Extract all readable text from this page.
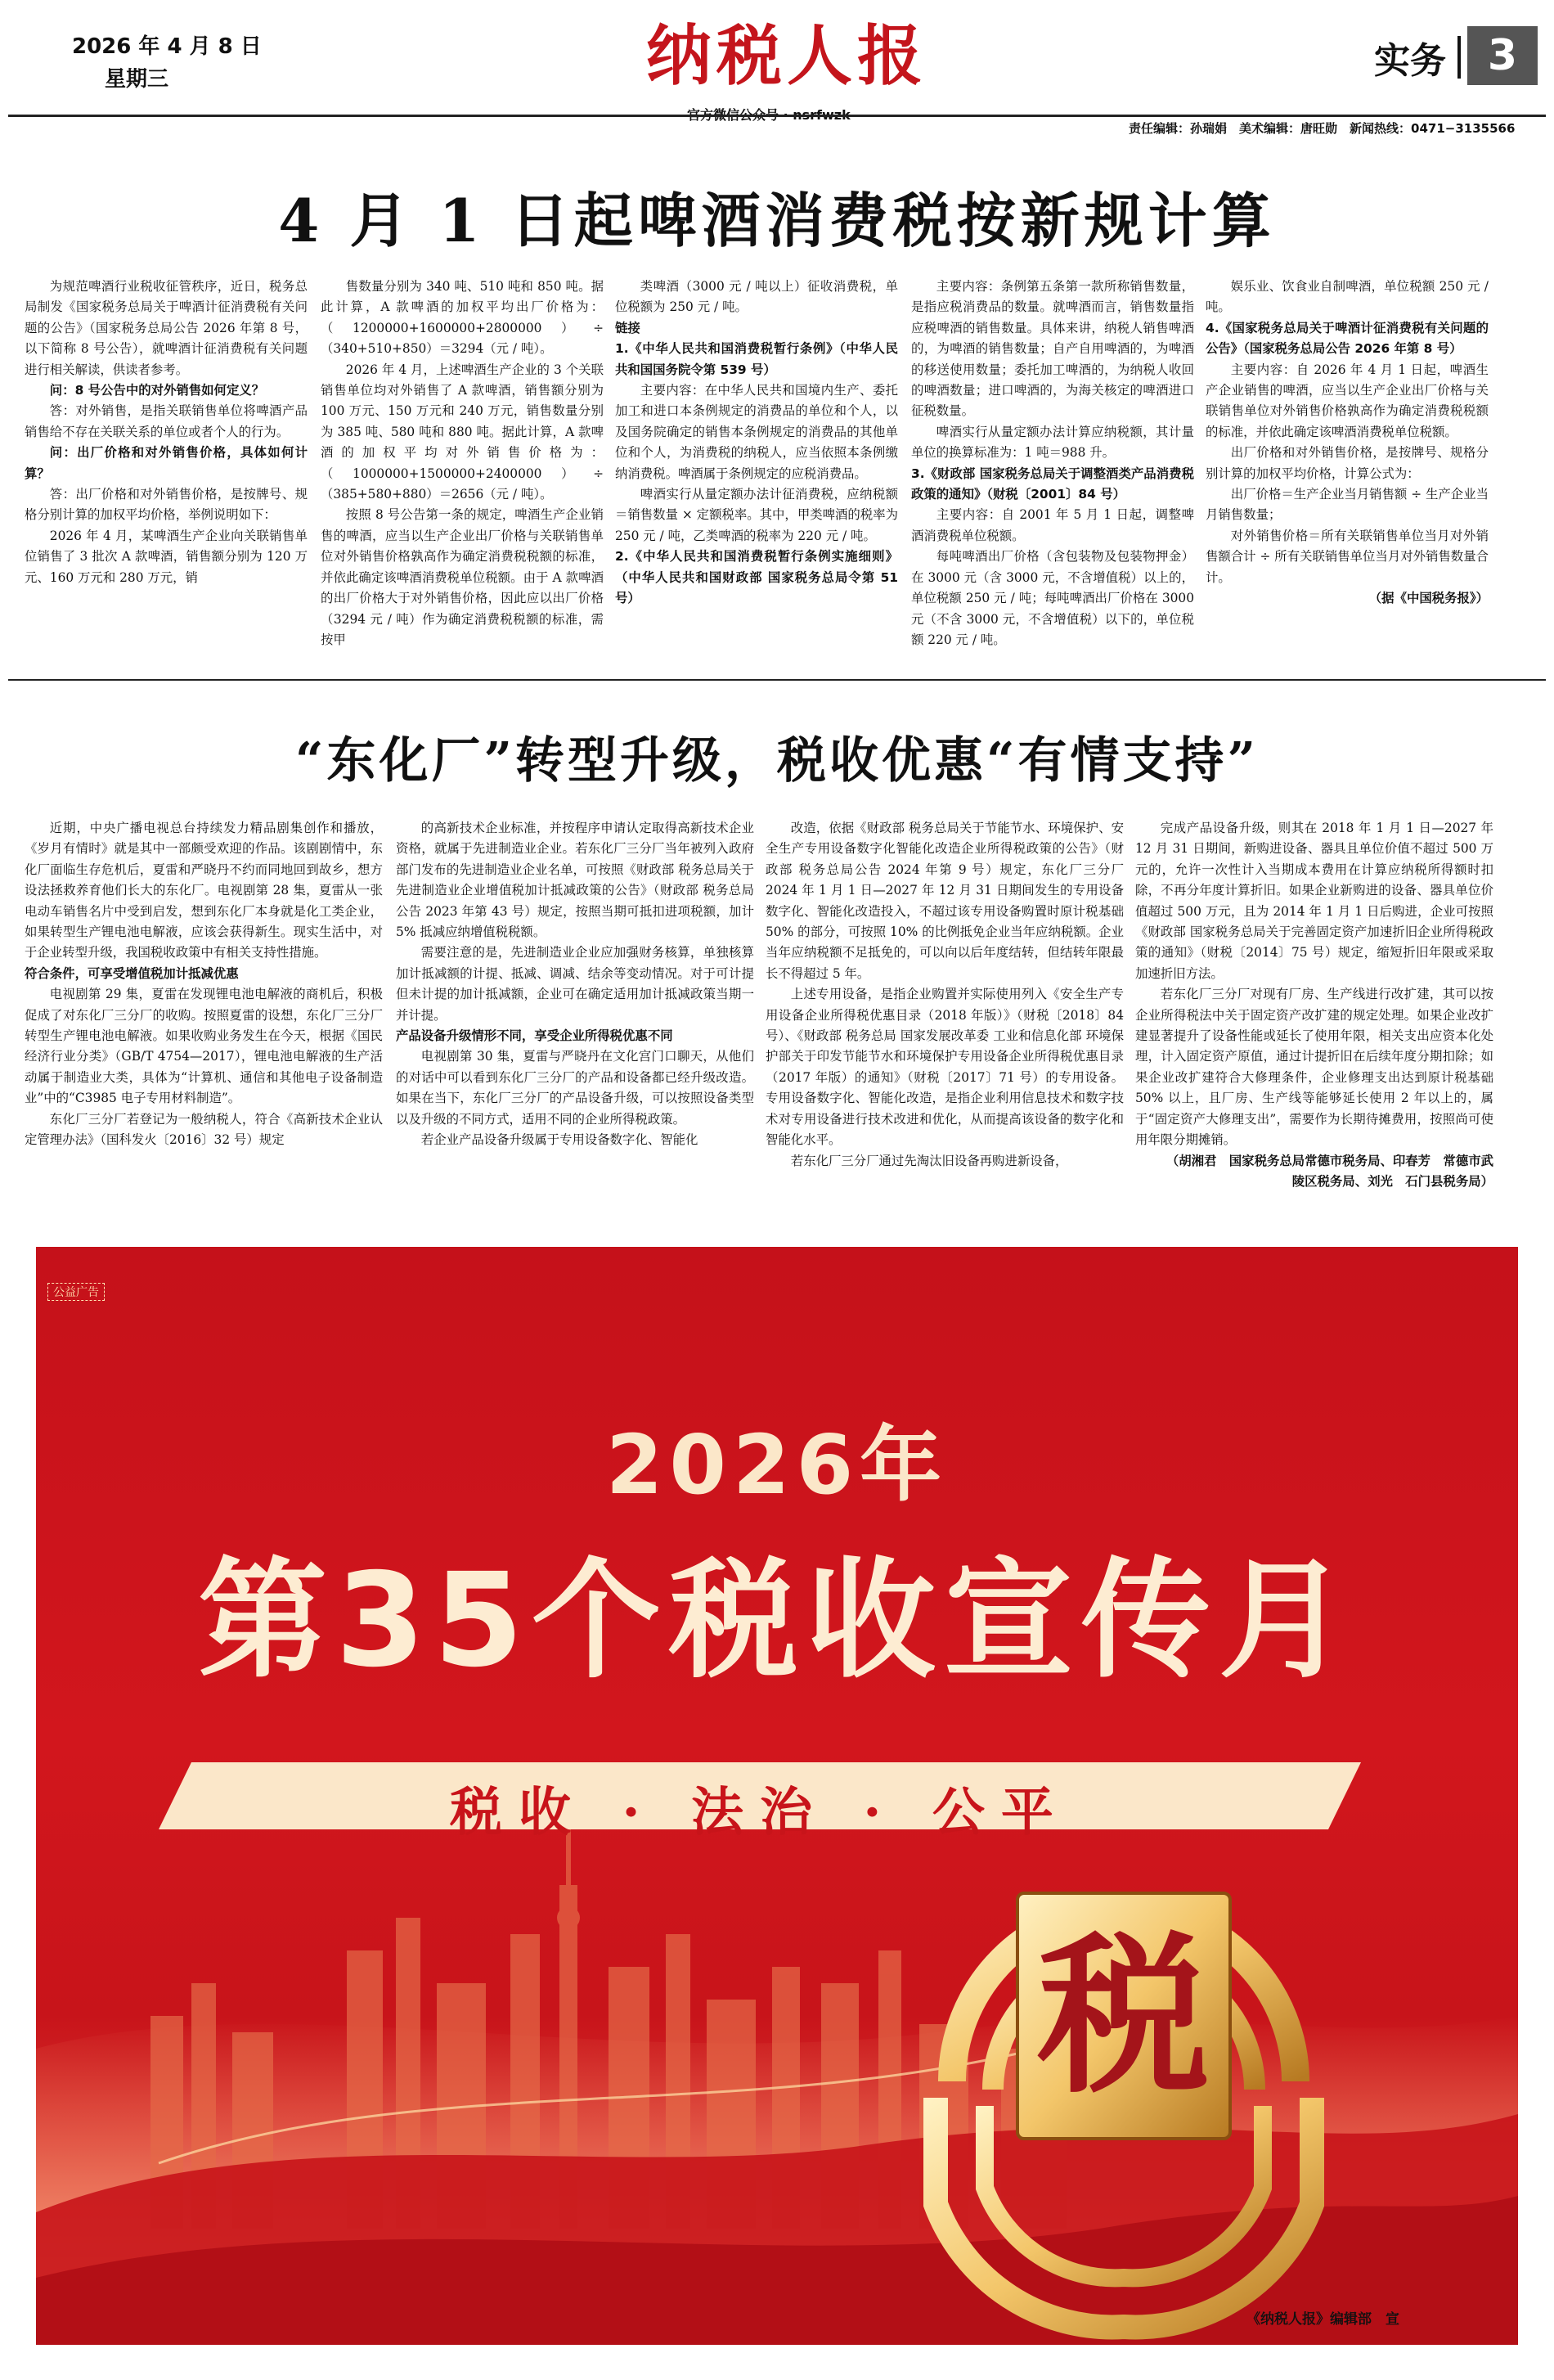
2026 年 4 月 8 日
星期三	纳税人报	实务 3
责任编辑：孙瑞娟　美术编辑：唐旺勋　新闻热线：0471−3135566
4 月 1 日起啤酒消费税按新规计算

为规范啤酒行业税收征管秩序，近日，税务总局制发《国家税务总局关于啤酒计征消费税有关问题的公告》（国家税务总局公告 2026 年第 8 号，以下简称 8 号公告），就啤酒计征消费税有关问题进行相关解读，供读者参考。

问：8 号公告中的对外销售如何定义？

答：对外销售，是指关联销售单位将啤酒产品销售给不存在关联关系的单位或者个人的行为。

问：出厂价格和对外销售价格，具体如何计算？

答：出厂价格和对外销售价格，是按牌号、规格分别计算的加权平均价格，举例说明如下：

2026 年 4 月，某啤酒生产企业向关联销售单位销售了 3 批次 A 款啤酒，销售额分别为 120 万元、160 万元和 280 万元，销

售数量分别为 340 吨、510 吨和 850 吨。据此计算，A 款啤酒的加权平均出厂价格为：（1200000+1600000+2800000）÷（340+510+850）＝3294（元 / 吨）。

2026 年 4 月，上述啤酒生产企业的 3 个关联销售单位均对外销售了 A 款啤酒，销售额分别为 100 万元、150 万元和 240 万元，销售数量分别为 385 吨、580 吨和 880 吨。据此计算，A 款啤酒的加权平均对外销售价格为：（1000000+1500000+2400000）÷（385+580+880）＝2656（元 / 吨）。

按照 8 号公告第一条的规定，啤酒生产企业销售的啤酒，应当以生产企业出厂价格与关联销售单位对外销售价格孰高作为确定消费税税额的标准，并依此确定该啤酒消费税单位税额。由于 A 款啤酒的出厂价格大于对外销售价格，因此应以出厂价格（3294 元 / 吨）作为确定消费税税额的标准，需按甲

类啤酒（3000 元 / 吨以上）征收消费税，单位税额为 250 元 / 吨。

链接

1.《中华人民共和国消费税暂行条例》（中华人民共和国国务院令第 539 号）

主要内容：在中华人民共和国境内生产、委托加工和进口本条例规定的消费品的单位和个人，以及国务院确定的销售本条例规定的消费品的其他单位和个人，为消费税的纳税人，应当依照本条例缴纳消费税。啤酒属于条例规定的应税消费品。

啤酒实行从量定额办法计征消费税，应纳税额＝销售数量 × 定额税率。其中，甲类啤酒的税率为 250 元 / 吨，乙类啤酒的税率为 220 元 / 吨。

2.《中华人民共和国消费税暂行条例实施细则》（中华人民共和国财政部 国家税务总局令第 51 号）

主要内容：条例第五条第一款所称销售数量，是指应税消费品的数量。就啤酒而言，销售数量指应税啤酒的销售数量。具体来讲，纳税人销售啤酒的，为啤酒的销售数量；自产自用啤酒的，为啤酒的移送使用数量；委托加工啤酒的，为纳税人收回的啤酒数量；进口啤酒的，为海关核定的啤酒进口征税数量。

啤酒实行从量定额办法计算应纳税额，其计量单位的换算标准为：1 吨＝988 升。

3.《财政部 国家税务总局关于调整酒类产品消费税政策的通知》（财税〔2001〕84 号）

主要内容：自 2001 年 5 月 1 日起，调整啤酒消费税单位税额。

每吨啤酒出厂价格（含包装物及包装物押金）在 3000 元（含 3000 元，不含增值税）以上的，单位税额 250 元 / 吨；每吨啤酒出厂价格在 3000 元（不含 3000 元，不含增值税）以下的，单位税额 220 元 / 吨。

娱乐业、饮食业自制啤酒，单位税额 250 元 / 吨。

4.《国家税务总局关于啤酒计征消费税有关问题的公告》（国家税务总局公告 2026 年第 8 号）

主要内容：自 2026 年 4 月 1 日起，啤酒生产企业销售的啤酒，应当以生产企业出厂价格与关联销售单位对外销售价格孰高作为确定消费税税额的标准，并依此确定该啤酒消费税单位税额。

出厂价格和对外销售价格，是按牌号、规格分别计算的加权平均价格，计算公式为：

出厂价格＝生产企业当月销售额 ÷ 生产企业当月销售数量；

对外销售价格＝所有关联销售单位当月对外销售额合计 ÷ 所有关联销售单位当月对外销售数量合计。

（据《中国税务报》）

“东化厂”转型升级，税收优惠“有情支持”

近期，中央广播电视总台持续发力精品剧集创作和播放，《岁月有情时》就是其中一部颇受欢迎的作品。该剧剧情中，东化厂面临生存危机后，夏雷和严晓丹不约而同地回到故乡，想方设法拯救养育他们长大的东化厂。电视剧第 28 集，夏雷从一张电动车销售名片中受到启发，想到东化厂本身就是化工类企业，如果转型生产锂电池电解液，应该会获得新生。现实生活中，对于企业转型升级，我国税收政策中有相关支持性措施。

符合条件，可享受增值税加计抵减优惠

电视剧第 29 集，夏雷在发现锂电池电解液的商机后，积极促成了对东化厂三分厂的收购。按照夏雷的设想，东化厂三分厂转型生产锂电池电解液。如果收购业务发生在今天，根据《国民经济行业分类》（GB/T 4754—2017），锂电池电解液的生产活动属于制造业大类，具体为“计算机、通信和其他电子设备制造业”中的“C3985 电子专用材料制造”。

东化厂三分厂若登记为一般纳税人，符合《高新技术企业认定管理办法》（国科发火〔2016〕32 号）规定

的高新技术企业标准，并按程序申请认定取得高新技术企业资格，就属于先进制造业企业。若东化厂三分厂当年被列入政府部门发布的先进制造业企业名单，可按照《财政部 税务总局关于先进制造业企业增值税加计抵减政策的公告》（财政部 税务总局公告 2023 年第 43 号）规定，按照当期可抵扣进项税额，加计 5% 抵减应纳增值税税额。

需要注意的是，先进制造业企业应加强财务核算，单独核算加计抵减额的计提、抵减、调减、结余等变动情况。对于可计提但未计提的加计抵减额，企业可在确定适用加计抵减政策当期一并计提。

产品设备升级情形不同，享受企业所得税优惠不同

电视剧第 30 集，夏雷与严晓丹在文化宫门口聊天，从他们的对话中可以看到东化厂三分厂的产品和设备都已经升级改造。如果在当下，东化厂三分厂的产品设备升级，可以按照设备类型以及升级的不同方式，适用不同的企业所得税政策。

若企业产品设备升级属于专用设备数字化、智能化

改造，依据《财政部 税务总局关于节能节水、环境保护、安全生产专用设备数字化智能化改造企业所得税政策的公告》（财政部 税务总局公告 2024 年第 9 号）规定，东化厂三分厂 2024 年 1 月 1 日—2027 年 12 月 31 日期间发生的专用设备数字化、智能化改造投入，不超过该专用设备购置时原计税基础 50% 的部分，可按照 10% 的比例抵免企业当年应纳税额。企业当年应纳税额不足抵免的，可以向以后年度结转，但结转年限最长不得超过 5 年。

上述专用设备，是指企业购置并实际使用列入《安全生产专用设备企业所得税优惠目录（2018 年版）》（财税〔2018〕84 号）、《财政部 税务总局 国家发展改革委 工业和信息化部 环境保护部关于印发节能节水和环境保护专用设备企业所得税优惠目录（2017 年版）的通知》（财税〔2017〕71 号）的专用设备。专用设备数字化、智能化改造，是指企业利用信息技术和数字技术对专用设备进行技术改进和优化，从而提高该设备的数字化和智能化水平。

若东化厂三分厂通过先淘汰旧设备再购进新设备，

完成产品设备升级，则其在 2018 年 1 月 1 日—2027 年 12 月 31 日期间，新购进设备、器具且单位价值不超过 500 万元的，允许一次性计入当期成本费用在计算应纳税所得额时扣除，不再分年度计算折旧。如果企业新购进的设备、器具单位价值超过 500 万元，且为 2014 年 1 月 1 日后购进，企业可按照《财政部 国家税务总局关于完善固定资产加速折旧企业所得税政策的通知》（财税〔2014〕75 号）规定，缩短折旧年限或采取加速折旧方法。

若东化厂三分厂对现有厂房、生产线进行改扩建，其可以按企业所得税法中关于固定资产改扩建的规定处理。如果企业改扩建显著提升了设备性能或延长了使用年限，相关支出应资本化处理，计入固定资产原值，通过计提折旧在后续年度分期扣除；如果企业改扩建符合大修理条件，企业修理支出达到原计税基础 50% 以上，且厂房、生产线等能够延长使用 2 年以上的，属于“固定资产大修理支出”，需要作为长期待摊费用，按照尚可使用年限分期摊销。

（胡湘君　国家税务总局常德市税务局、印春芳　常德市武陵区税务局、刘光　石门县税务局）

公益广告
2026年
第35个税收宣传月
税收 · 法治 · 公平
税
《纳税人报》编辑部　宣
